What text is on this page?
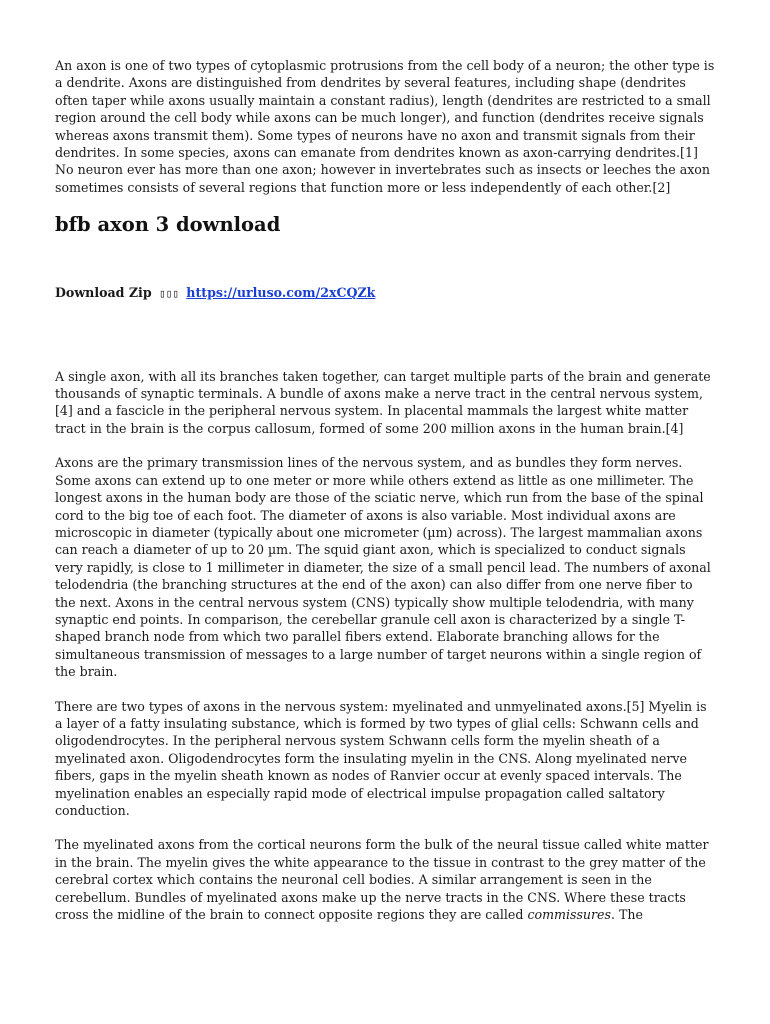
An axon is one of two types of cytoplasmic protrusions from the cell body of a neuron; the other type is a dendrite. Axons are distinguished from dendrites by several features, including shape (dendrites often taper while axons usually maintain a constant radius), length (dendrites are restricted to a small region around the cell body while axons can be much longer), and function (dendrites receive signals whereas axons transmit them). Some types of neurons have no axon and transmit signals from their dendrites. In some species, axons can emanate from dendrites known as axon-carrying dendrites.[1] No neuron ever has more than one axon; however in invertebrates such as insects or leeches the axon sometimes consists of several regions that function more or less independently of each other.[2]

bfb axon 3 download
Download Zip ▯▯▯ https://urluso.com/2xCQZk

A single axon, with all its branches taken together, can target multiple parts of the brain and generate thousands of synaptic terminals. A bundle of axons make a nerve tract in the central nervous system,[4] and a fascicle in the peripheral nervous system. In placental mammals the largest white matter tract in the brain is the corpus callosum, formed of some 200 million axons in the human brain.[4]

Axons are the primary transmission lines of the nervous system, and as bundles they form nerves. Some axons can extend up to one meter or more while others extend as little as one millimeter. The longest axons in the human body are those of the sciatic nerve, which run from the base of the spinal cord to the big toe of each foot. The diameter of axons is also variable. Most individual axons are microscopic in diameter (typically about one micrometer (µm) across). The largest mammalian axons can reach a diameter of up to 20 µm. The squid giant axon, which is specialized to conduct signals very rapidly, is close to 1 millimeter in diameter, the size of a small pencil lead. The numbers of axonal telodendria (the branching structures at the end of the axon) can also differ from one nerve fiber to the next. Axons in the central nervous system (CNS) typically show multiple telodendria, with many synaptic end points. In comparison, the cerebellar granule cell axon is characterized by a single T-shaped branch node from which two parallel fibers extend. Elaborate branching allows for the simultaneous transmission of messages to a large number of target neurons within a single region of the brain.

There are two types of axons in the nervous system: myelinated and unmyelinated axons.[5] Myelin is a layer of a fatty insulating substance, which is formed by two types of glial cells: Schwann cells and oligodendrocytes. In the peripheral nervous system Schwann cells form the myelin sheath of a myelinated axon. Oligodendrocytes form the insulating myelin in the CNS. Along myelinated nerve fibers, gaps in the myelin sheath known as nodes of Ranvier occur at evenly spaced intervals. The myelination enables an especially rapid mode of electrical impulse propagation called saltatory conduction.

The myelinated axons from the cortical neurons form the bulk of the neural tissue called white matter in the brain. The myelin gives the white appearance to the tissue in contrast to the grey matter of the cerebral cortex which contains the neuronal cell bodies. A similar arrangement is seen in the cerebellum. Bundles of myelinated axons make up the nerve tracts in the CNS. Where these tracts cross the midline of the brain to connect opposite regions they are called commissures. The
